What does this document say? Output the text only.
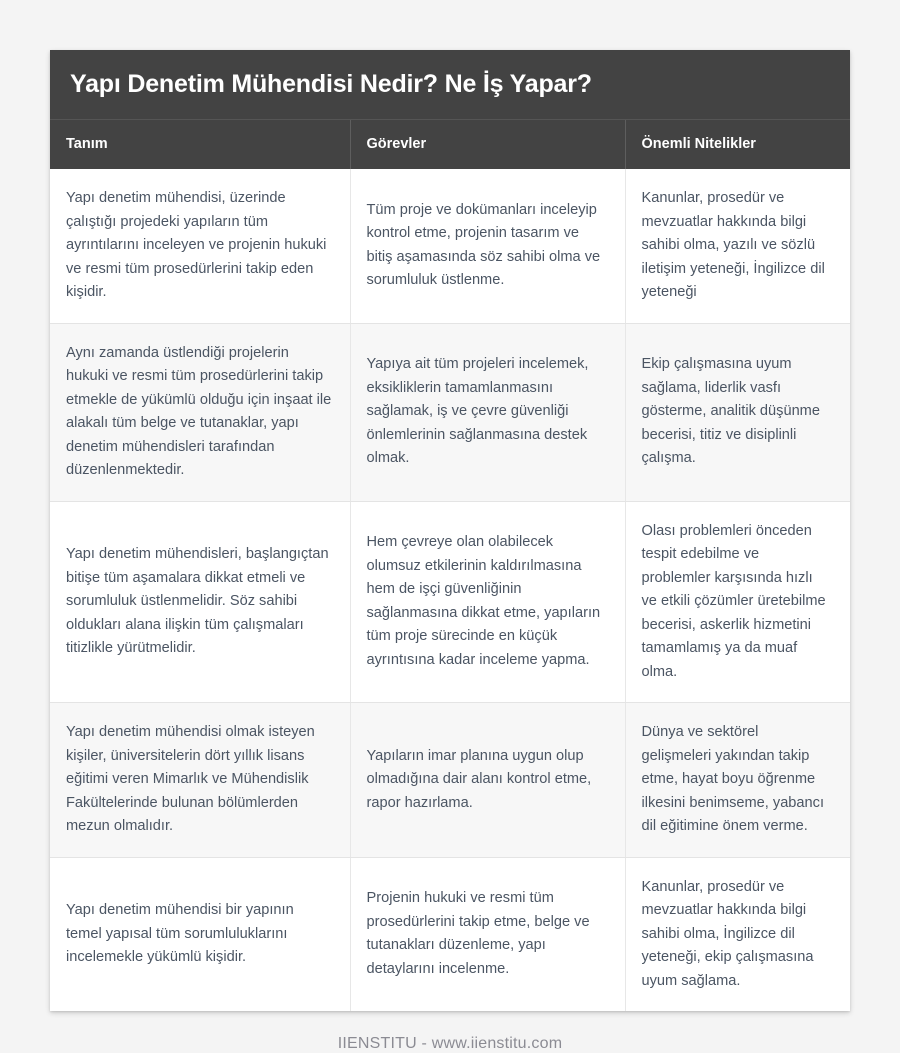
Yapı Denetim Mühendisi Nedir? Ne İş Yapar?
Tanım	Görevler	Önemli Nitelikler
Yapı denetim mühendisi, üzerinde çalıştığı projedeki yapıların tüm ayrıntılarını inceleyen ve projenin hukuki ve resmi tüm prosedürlerini takip eden kişidir.	Tüm proje ve dokümanları inceleyip kontrol etme, projenin tasarım ve bitiş aşamasında söz sahibi olma ve sorumluluk üstlenme.	Kanunlar, prosedür ve mevzuatlar hakkında bilgi sahibi olma, yazılı ve sözlü iletişim yeteneği, İngilizce dil yeteneği
Aynı zamanda üstlendiği projelerin hukuki ve resmi tüm prosedürlerini takip etmekle de yükümlü olduğu için inşaat ile alakalı tüm belge ve tutanaklar, yapı denetim mühendisleri tarafından düzenlenmektedir.	Yapıya ait tüm projeleri incelemek, eksikliklerin tamamlanmasını sağlamak, iş ve çevre güvenliği önlemlerinin sağlanmasına destek olmak.	Ekip çalışmasına uyum sağlama, liderlik vasfı gösterme, analitik düşünme becerisi, titiz ve disiplinli çalışma.
Yapı denetim mühendisleri, başlangıçtan bitişe tüm aşamalara dikkat etmeli ve sorumluluk üstlenmelidir. Söz sahibi oldukları alana ilişkin tüm çalışmaları titizlikle yürütmelidir.	Hem çevreye olan olabilecek olumsuz etkilerinin kaldırılmasına hem de işçi güvenliğinin sağlanmasına dikkat etme, yapıların tüm proje sürecinde en küçük ayrıntısına kadar inceleme yapma.	Olası problemleri önceden tespit edebilme ve problemler karşısında hızlı ve etkili çözümler üretebilme becerisi, askerlik hizmetini tamamlamış ya da muaf olma.
Yapı denetim mühendisi olmak isteyen kişiler, üniversitelerin dört yıllık lisans eğitimi veren Mimarlık ve Mühendislik Fakültelerinde bulunan bölümlerden mezun olmalıdır.	Yapıların imar planına uygun olup olmadığına dair alanı kontrol etme, rapor hazırlama.	Dünya ve sektörel gelişmeleri yakından takip etme, hayat boyu öğrenme ilkesini benimseme, yabancı dil eğitimine önem verme.
Yapı denetim mühendisi bir yapının temel yapısal tüm sorumluluklarını incelemekle yükümlü kişidir.	Projenin hukuki ve resmi tüm prosedürlerini takip etme, belge ve tutanakları düzenleme, yapı detaylarını incelenme.	Kanunlar, prosedür ve mevzuatlar hakkında bilgi sahibi olma, İngilizce dil yeteneği, ekip çalışmasına uyum sağlama.
IIENSTITU - www.iienstitu.com
